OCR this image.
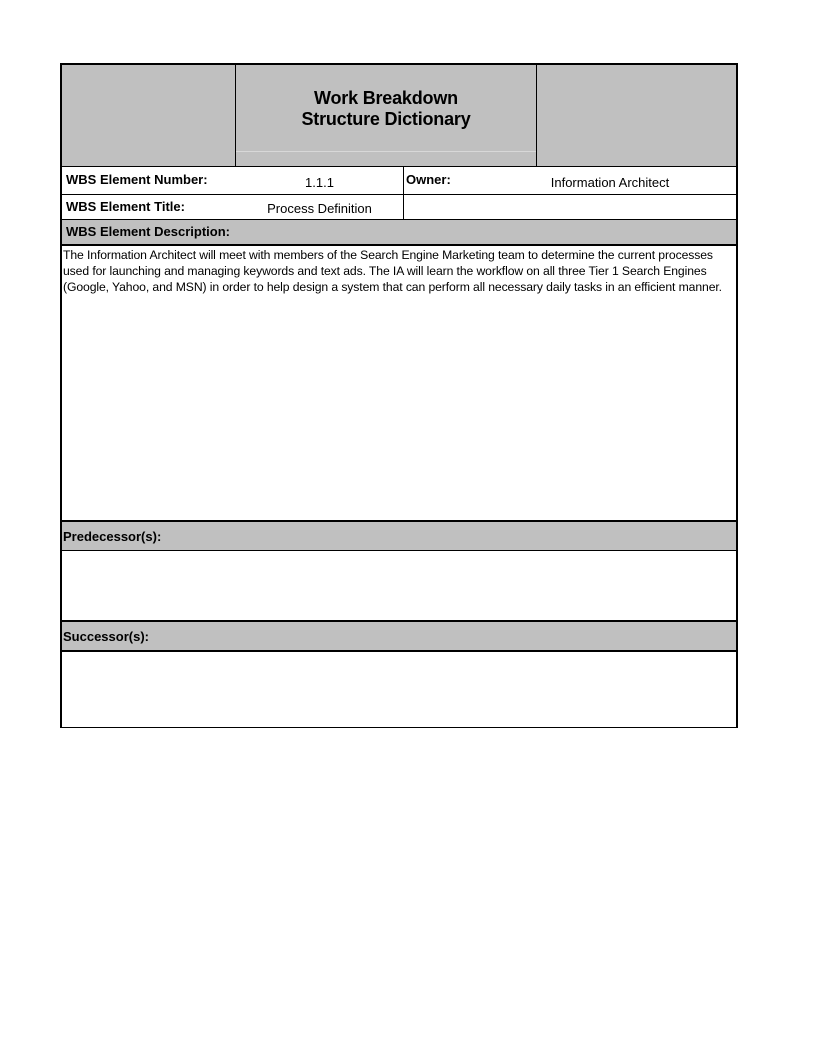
Work Breakdown
Structure Dictionary
WBS Element Number:	1.1.1	Owner:	Information Architect
WBS Element Title:	Process Definition
WBS Element Description:
The Information Architect will meet with members of the Search Engine Marketing team to determine the current processes used for launching and managing keywords and text ads. The IA will learn the workflow on all three Tier 1 Search Engines (Google, Yahoo, and MSN) in order to help design a system that can perform all necessary daily tasks in an efficient manner.
Predecessor(s):
Successor(s):
